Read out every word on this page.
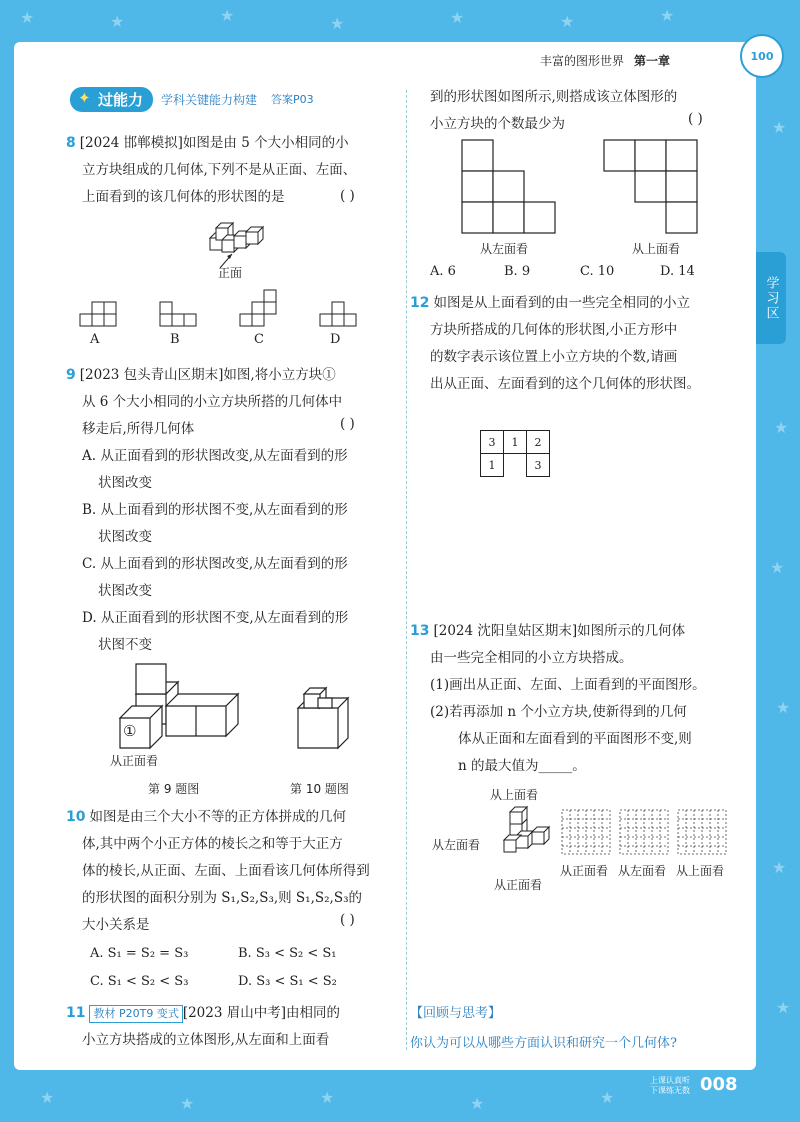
★	★	★	★	★	★	★
★
★
★
★
★
★
★	★	★	★	★
丰富的图形世界 第一章	100
学习区
✦ 过能力	学科关键能力构建 答案P03
8 [2024 邯郸模拟]如图是由 5 个大小相同的小
立方块组成的几何体,下列不是从正面、左面、
上面看到的该几何体的形状图的是	( )
正面
A	B	C	D
9 [2023 包头青山区期末]如图,将小立方块①
从 6 个大小相同的小立方块所搭的几何体中
移走后,所得几何体
A. 从正面看到的形状图改变,从左面看到的形
状图改变
B. 从上面看到的形状图不变,从左面看到的形
状图改变
C. 从上面看到的形状图改变,从左面看到的形
状图改变
D. 从正面看到的形状图不变,从左面看到的形
状图不变
( )
①
从正面看
第 9 题图	第 10 题图
10 如图是由三个大小不等的正方体拼成的几何
体,其中两个小正方体的棱长之和等于大正方
体的棱长,从正面、左面、上面看该几何体所得到
的形状图的面积分别为 S₁,S₂,S₃,则 S₁,S₂,S₃的
大小关系是	( )
A. S₁ = S₂ = S₃	B. S₃ < S₂ < S₁
C. S₁ < S₂ < S₃	D. S₃ < S₁ < S₂
11 教材 P20T9 变式 [2023 眉山中考]由相同的
小立方块搭成的立体图形,从左面和上面看
到的形状图如图所示,则搭成该立体图形的
小立方块的个数最少为	( )
从左面看	从上面看
A. 6	B. 9	C. 10	D. 14
12 如图是从上面看到的由一些完全相同的小立
方块所搭成的几何体的形状图,小正方形中
的数字表示该位置上小立方块的个数,请画
出从正面、左面看到的这个几何体的形状图。
3	1	2
1		3
13 [2024 沈阳皇姑区期末]如图所示的几何体
由一些完全相同的小立方块搭成。
(1)画出从正面、左面、上面看到的平面图形。
(2)若再添加 n 个小立方块,使新得到的几何
体从正面和左面看到的平面图形不变,则
n 的最大值为_____。
从上面看
从左面看
从正面看
从正面看 从左面看 从上面看
【回顾与思考】
你认为可以从哪些方面认识和研究一个几何体?
上课认真听
下课练无数 008
